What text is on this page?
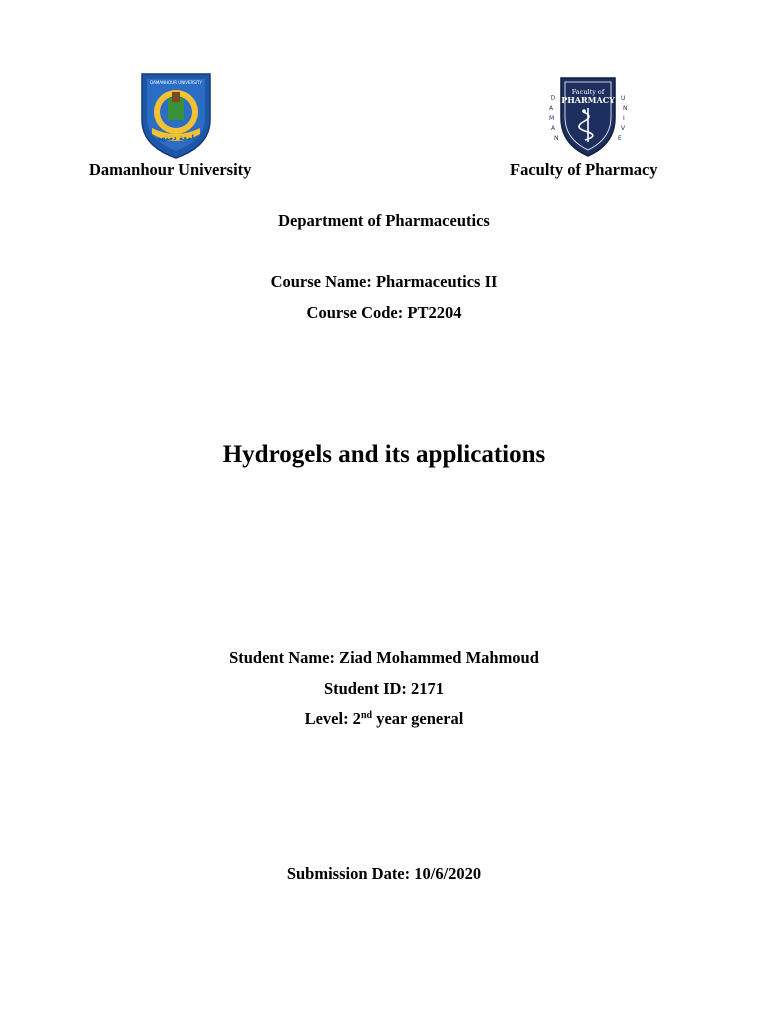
جامعة دمنهور
DAMANHOUR UNIVERSITY
D
A
M
A
N
U
N
I
V
E
Faculty of
PHARMACY
Damanhour University	Faculty of Pharmacy
Department of Pharmaceutics
Course Name: Pharmaceutics II
Course Code: PT2204
Hydrogels and its applications
Student Name: Ziad Mohammed Mahmoud
Student ID: 2171
Level: 2nd year general
Submission Date: 10/6/2020
